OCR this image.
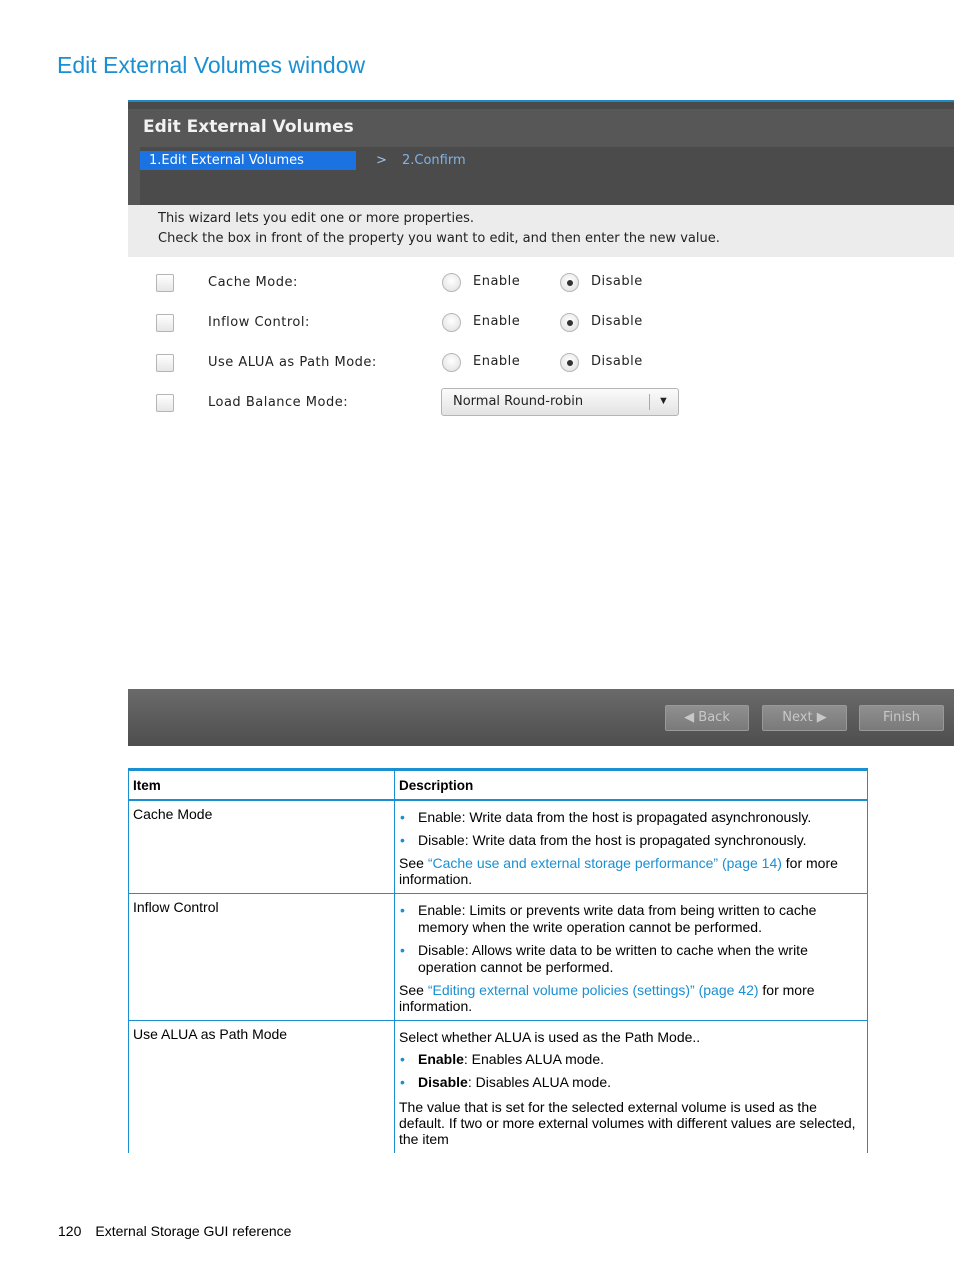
Edit External Volumes window
Edit External Volumes
1.Edit External Volumes	> 2.Confirm
This wizard lets you edit one or more properties.
Check the box in front of the property you want to edit, and then enter the new value.
Cache Mode:	Enable	Disable
Inflow Control:	Enable	Disable
Use ALUA as Path Mode:	Enable	Disable
Load Balance Mode:	Normal Round-robin	▼
◀ Back	Next ▶	Finish
Item	Description
Cache Mode	• Enable: Write data from the host is propagated asynchronously.
• Disable: Write data from the host is propagated synchronously.
See “Cache use and external storage performance” (page 14) for more information.

Inflow Control	• Enable: Limits or prevents write data from being written to cache memory when the write operation cannot be performed.
• Disable: Allows write data to be written to cache when the write operation cannot be performed.
See “Editing external volume policies (settings)” (page 42) for more information.

Use ALUA as Path Mode	Select whether ALUA is used as the Path Mode..
• Enable: Enables ALUA mode.
• Disable: Disables ALUA mode.
The value that is set for the selected external volume is used as the default. If two or more external volumes with different values are selected, the item
120 External Storage GUI reference
